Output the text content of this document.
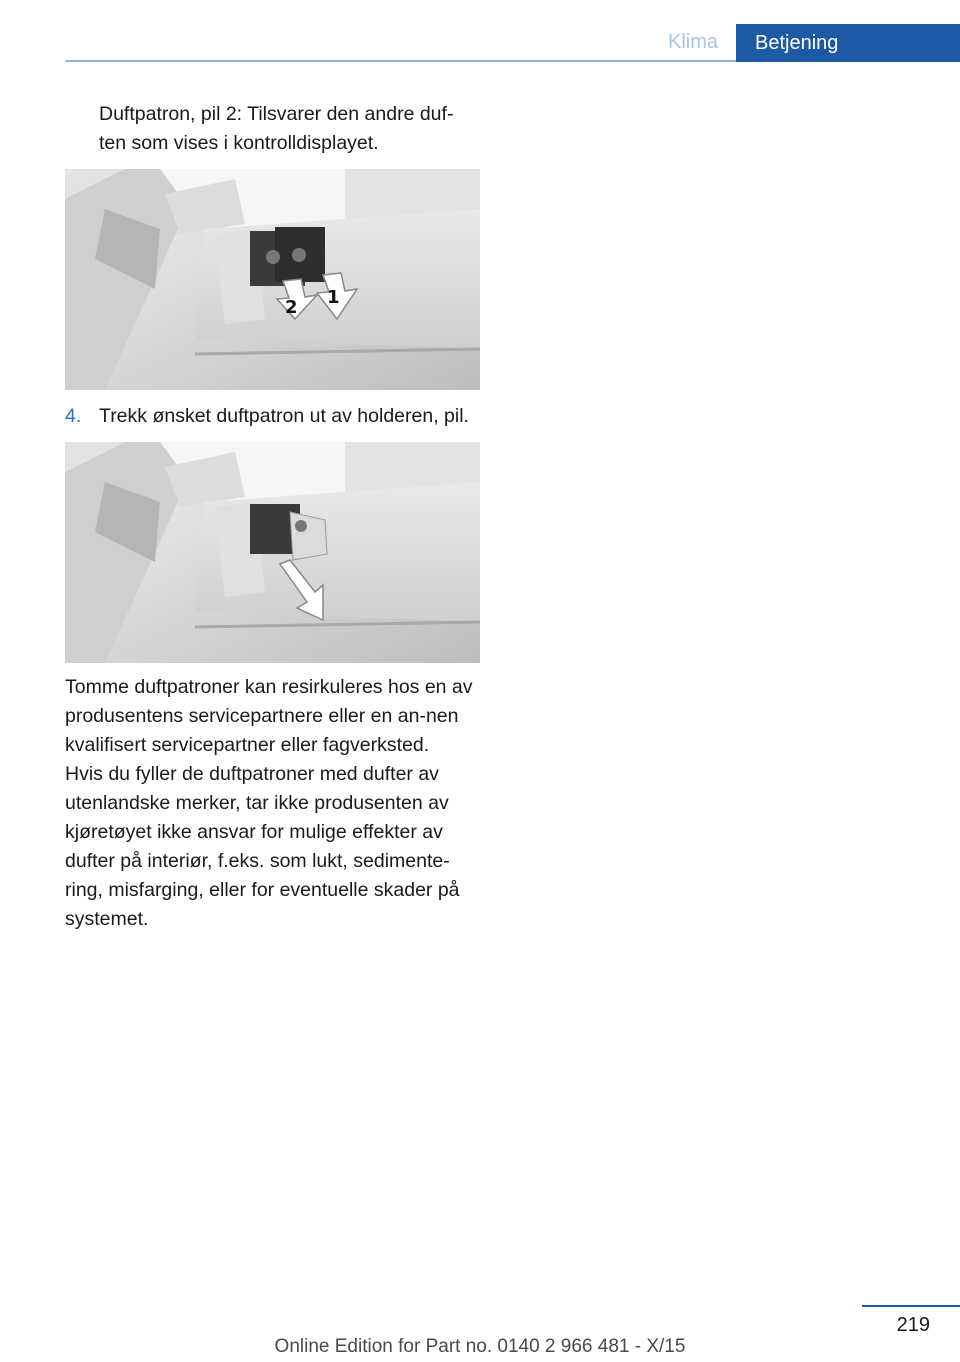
Klima	Betjening

Duftpatron, pil 2: Tilsvarer den andre duf-ten som vises i kontrolldisplayet.

2 1
4. Trekk ønsket duftpatron ut av holderen, pil.

Tomme duftpatroner kan resirkuleres hos en av produsentens servicepartnere eller en an-nen kvalifisert servicepartner eller fagverksted.

Hvis du fyller de duftpatroner med dufter av utenlandske merker, tar ikke produsenten av kjøretøyet ikke ansvar for mulige effekter av dufter på interiør, f.eks. som lukt, sedimente-ring, misfarging, eller for eventuelle skader på systemet.

219
Online Edition for Part no. 0140 2 966 481 - X/15
